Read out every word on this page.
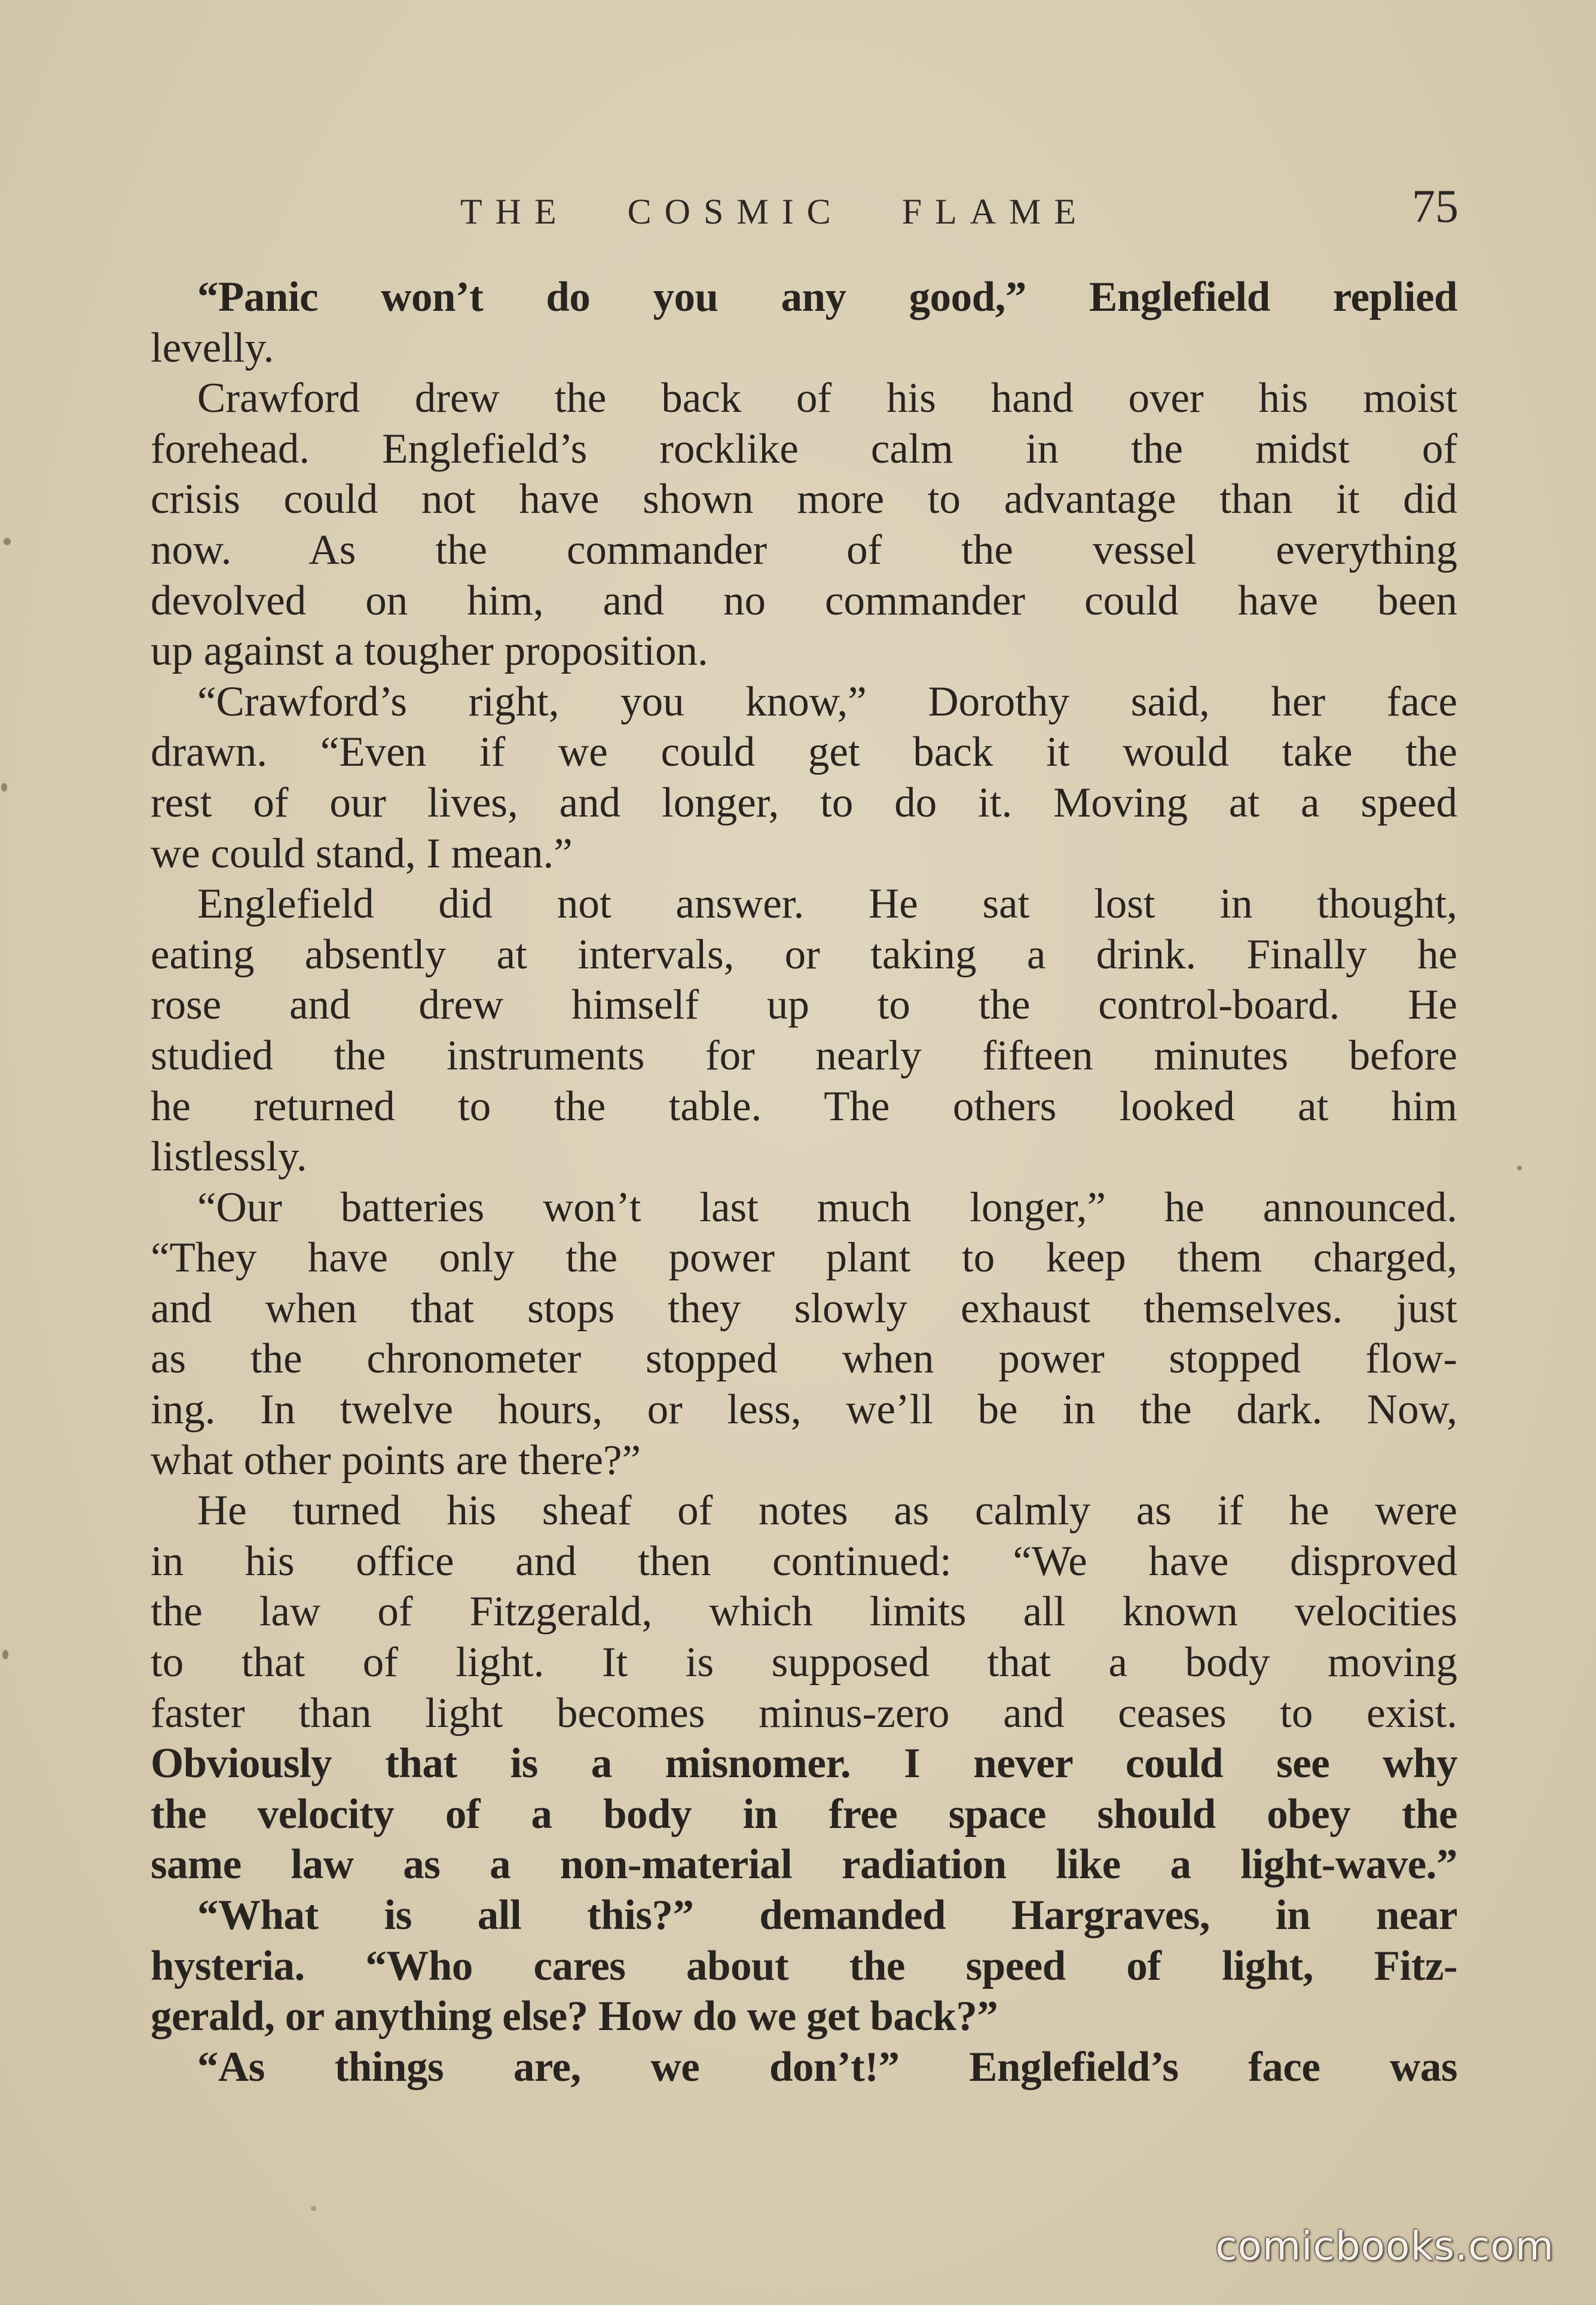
THE COSMIC FLAME	75
“Panic won’t do you any good,” Englefield replied
levelly.
Crawford drew the back of his hand over his moist
forehead. Englefield’s rocklike calm in the midst of
crisis could not have shown more to advantage than it did
now. As the commander of the vessel everything
devolved on him, and no commander could have been
up against a tougher proposition.
“Crawford’s right, you know,” Dorothy said, her face
drawn. “Even if we could get back it would take the
rest of our lives, and longer, to do it. Moving at a speed
we could stand, I mean.”
Englefield did not answer. He sat lost in thought,
eating absently at intervals, or taking a drink. Finally he
rose and drew himself up to the control-board. He
studied the instruments for nearly fifteen minutes before
he returned to the table. The others looked at him
listlessly.
“Our batteries won’t last much longer,” he announced.
“They have only the power plant to keep them charged,
and when that stops they slowly exhaust themselves. just
as the chronometer stopped when power stopped flow-
ing. In twelve hours, or less, we’ll be in the dark. Now,
what other points are there?”
He turned his sheaf of notes as calmly as if he were
in his office and then continued: “We have disproved
the law of Fitzgerald, which limits all known velocities
to that of light. It is supposed that a body moving
faster than light becomes minus-zero and ceases to exist.
Obviously that is a misnomer. I never could see why
the velocity of a body in free space should obey the
same law as a non-material radiation like a light-wave.”
“What is all this?” demanded Hargraves, in near
hysteria. “Who cares about the speed of light, Fitz-
gerald, or anything else? How do we get back?”
“As things are, we don’t!” Englefield’s face was
comicbooks.com
